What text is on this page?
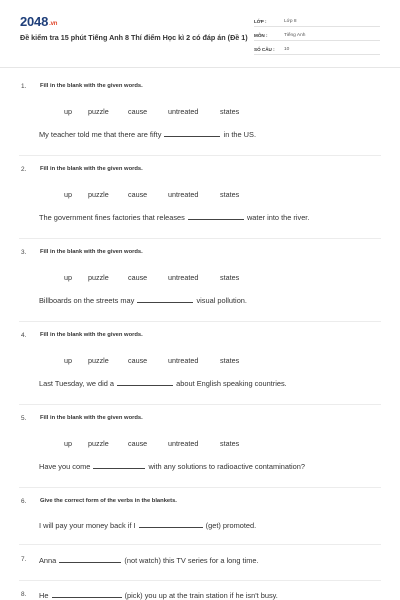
2048.vn
Đề kiểm tra 15 phút Tiếng Anh 8 Thí điểm Học kì 2 có đáp án (Đề 1)
LỚP :	Lớp 8
MÔN :	Tiếng Anh
SỐ CÂU :	10
1. Fill in the blank with the given words.
up puzzle	cause	untreated	states
My teacher told me that there are fifty	in the US.
2. Fill in the blank with the given words.
up puzzle	cause	untreated	states
The government fines factories that releases	water into the river.
3. Fill in the blank with the given words.
up puzzle	cause	untreated	states
Billboards on the streets may	visual pollution.
4. Fill in the blank with the given words.
up puzzle	cause	untreated	states
Last Tuesday, we did a	about English speaking countries.
5. Fill in the blank with the given words.
up puzzle	cause	untreated	states
Have you come	with any solutions to radioactive contamination?
6. Give the correct form of the verbs in the blankets.
I will pay your money back if I	(get) promoted.
7. Anna	(not watch) this TV series for a long time.
8. He	(pick) you up at the train station if he isn't busy.
